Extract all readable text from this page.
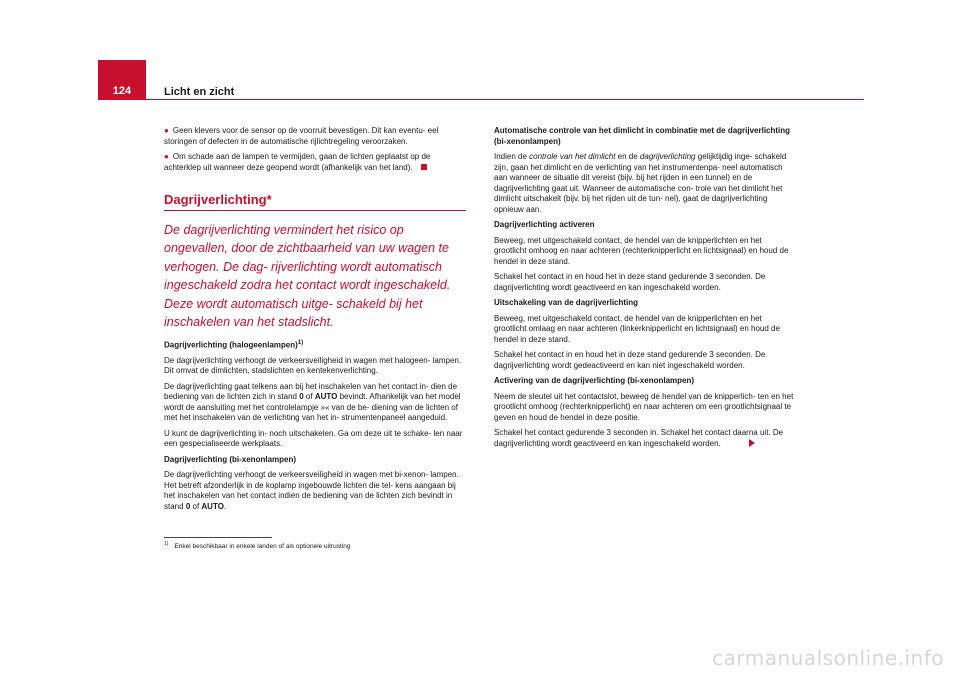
124	Licht en zicht
● Geen klevers voor de sensor op de voorruit bevestigen. Dit kan eventu- eel storingen of defecten in de automatische rijlichtregeling veroorzaken.
● Om schade aan de lampen te vermijden, gaan de lichten geplaatst op de achterklep uit wanneer deze geopend wordt (afhankelijk van het land).
Dagrijverlichting*
De dagrijverlichting vermindert het risico op ongevallen, door de zichtbaarheid van uw wagen te verhogen. De dag- rijverlichting wordt automatisch ingeschakeld zodra het contact wordt ingeschakeld. Deze wordt automatisch uitge- schakeld bij het inschakelen van het stadslicht.

Dagrijverlichting (halogeenlampen)$^{1)}$

De dagrijverlichting verhoogt de verkeersveiligheid in wagen met halogeen- lampen. Dit omvat de dimlichten, stadslichten en kentekenverlichting.

De dagrijverlichting gaat telkens aan bij het inschakelen van het contact in- dien de bediening van de lichten zich in stand 0 of AUTO bevindt. Afhankelijk van het model wordt de aansluiting met het controlelampje »« van de be- diening van de lichten of met het inschakelen van de verlichting van het in- strumentenpaneel aangeduid.

U kunt de dagrijverlichting in- noch uitschakelen. Ga om deze uit te schake- len naar een gespecialiseerde werkplaats.

Dagrijverlichting (bi-xenonlampen)

De dagrijverlichting verhoogt de verkeersveiligheid in wagen met bi-xenon- lampen. Het betreft afzonderlijk in de koplamp ingebouwde lichten die tel- kens aangaan bij het inschakelen van het contact indien de bediening van de lichten zich bevindt in stand 0 of AUTO.

Automatische controle van het dimlicht in combinatie met de dagrijverlichting (bi-xenonlampen)

Indien de controle van het dimlicht en de dagrijverlichting gelijktijdig inge- schakeld zijn, gaan het dimlicht en de verlichting van het instrumentenpa- neel automatisch aan wanneer de situatie dit vereist (bijv. bij het rijden in een tunnel) en de dagrijverlichting gaat uit. Wanneer de automatische con- trole van het dimlicht het dimlicht uitschakelt (bijv. bij het rijden uit de tun- nel), gaat de dagrijverlichting opnieuw aan.

Dagrijverlichting activeren

Beweeg, met uitgeschakeld contact, de hendel van de knipperlichten en het grootlicht omhoog en naar achteren (rechterknipperlicht en lichtsignaal) en houd de hendel in deze stand.

Schakel het contact in en houd het in deze stand gedurende 3 seconden. De dagrijverlichting wordt geactiveerd en kan ingeschakeld worden.

Uitschakeling van de dagrijverlichting

Beweeg, met uitgeschakeld contact, de hendel van de knipperlichten en het grootlicht omlaag en naar achteren (linkerknipperlicht en lichtsignaal) en houd de hendel in deze stand.

Schakel het contact in en houd het in deze stand gedurende 3 seconden. De dagrijverlichting wordt gedeactiveerd en kan niet ingeschakeld worden.

Activering van de dagrijverlichting (bi-xenonlampen)

Neem de sleutel uit het contactslot, beweeg de hendel van de knipperlich- ten en het grootlicht omhoog (rechterknipperlicht) en naar achteren om een grootlichtsignaal te geven en houd de hendel in deze positie.

Schakel het contact gedurende 3 seconden in. Schakel het contact daarna uit. De dagrijverlichting wordt geactiveerd en kan ingeschakeld worden.

$^{1)}$ Enkel beschikbaar in enkele landen of als optionele uitrusting
carmanualsonline.info
